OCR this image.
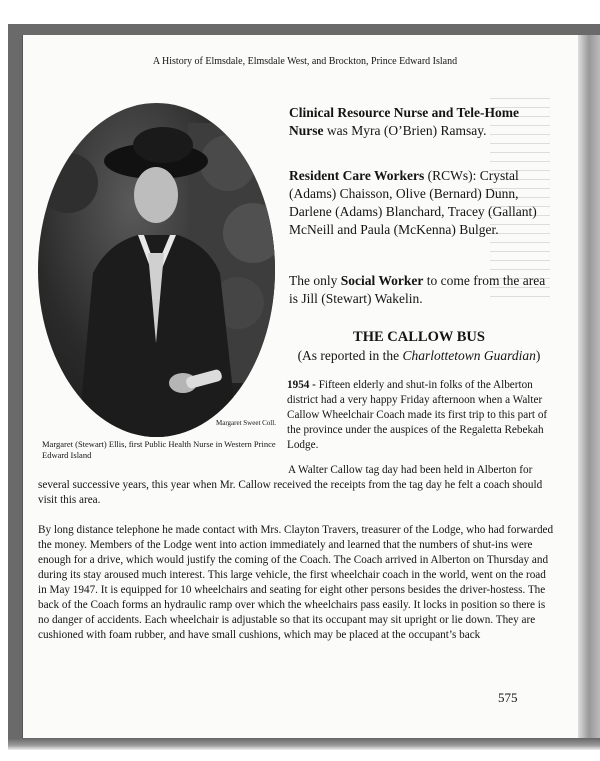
A History of Elmsdale, Elmsdale West, and Brockton, Prince Edward Island
Margaret Sweet Coll.
Margaret (Stewart) Ellis, first Public Health Nurse in Western Prince Edward Island
Clinical Resource Nurse and Tele-Home Nurse was Myra (O’Brien) Ramsay.
Resident Care Workers (RCWs): Crystal (Adams) Chaisson, Olive (Bernard) Dunn, Darlene (Adams) Blanchard, Tracey (Gallant) McNeill and Paula (McKenna) Bulger.
The only Social Worker to come from the area is Jill (Stewart) Wakelin.
THE CALLOW BUS
(As reported in the Charlottetown Guardian)
1954 - Fifteen elderly and shut-in folks of the Alberton district had a very happy Friday afternoon when a Walter Callow Wheelchair Coach made its first trip to this part of the province under the auspices of the Regaletta Rebekah Lodge.
A Walter Callow tag day had been held in Alberton for several successive years, this year when Mr. Callow received the receipts from the tag day he felt a coach should visit this area.
By long distance telephone he made contact with Mrs. Clayton Travers, treasurer of the Lodge, who had forwarded the money. Members of the Lodge went into action immediately and learned that the numbers of shut-ins were enough for a drive, which would justify the coming of the Coach. The Coach arrived in Alberton on Thursday and during its stay aroused much interest. This large vehicle, the first wheelchair coach in the world, went on the road in May 1947. It is equipped for 10 wheelchairs and seating for eight other persons besides the driver-hostess. The back of the Coach forms an hydraulic ramp over which the wheelchairs pass easily. It locks in position so there is no danger of accidents. Each wheelchair is adjustable so that its occupant may sit upright or lie down. They are cushioned with foam rubber, and have small cushions, which may be placed at the occupant’s back
575
